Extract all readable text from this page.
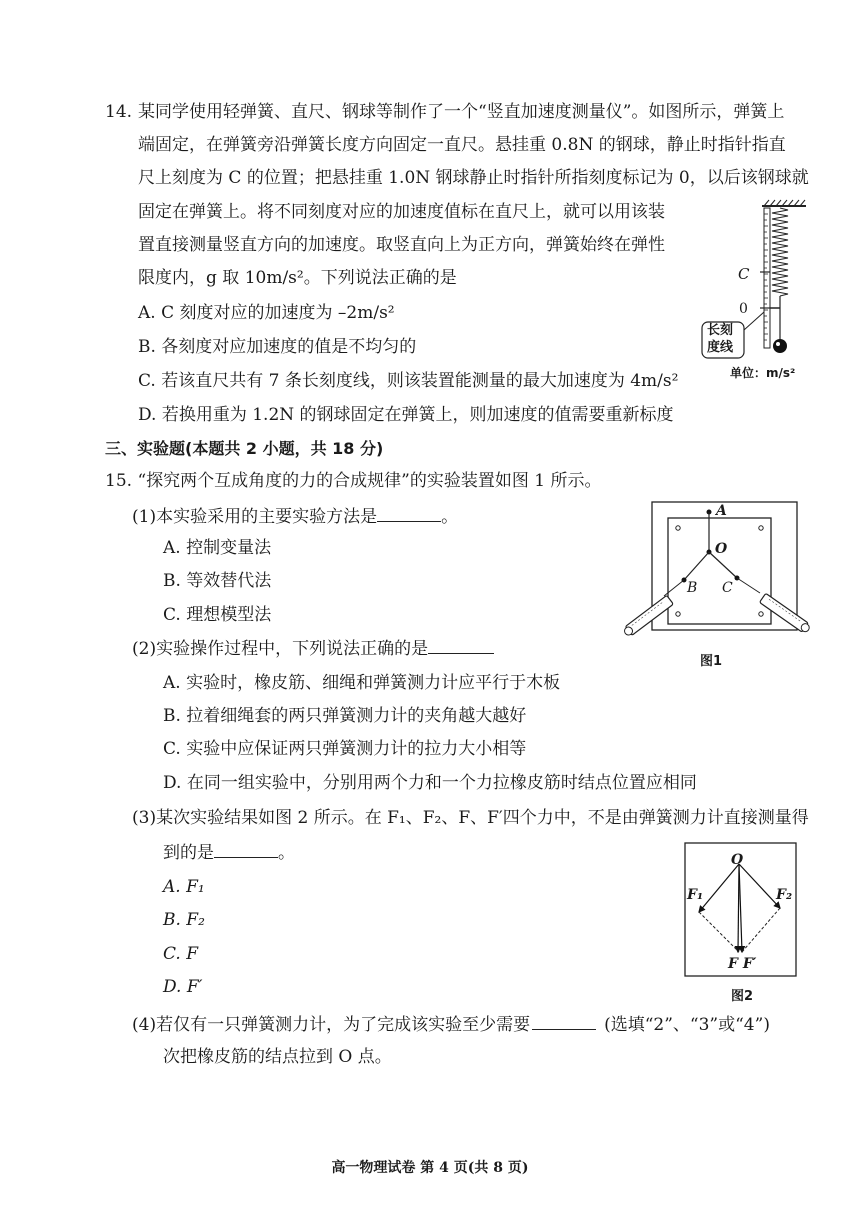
14. 某同学使用轻弹簧、直尺、钢球等制作了一个“竖直加速度测量仪”。如图所示，弹簧上
端固定，在弹簧旁沿弹簧长度方向固定一直尺。悬挂重 0.8N 的钢球，静止时指针指直
尺上刻度为 C 的位置；把悬挂重 1.0N 钢球静止时指针所指刻度标记为 0，以后该钢球就
固定在弹簧上。将不同刻度对应的加速度值标在直尺上，就可以用该装
置直接测量竖直方向的加速度。取竖直向上为正方向，弹簧始终在弹性
限度内，g 取 10m/s²。下列说法正确的是
A. C 刻度对应的加速度为 –2m/s²
B. 各刻度对应加速度的值是不均匀的
C. 若该直尺共有 7 条长刻度线，则该装置能测量的最大加速度为 4m/s²
D. 若换用重为 1.2N 的钢球固定在弹簧上，则加速度的值需要重新标度
C
0
长刻
度线
单位：m/s²
三、实验题(本题共 2 小题，共 18 分)
15. “探究两个互成角度的力的合成规律”的实验装置如图 1 所示。
(1)本实验采用的主要实验方法是	。
A. 控制变量法
B. 等效替代法
C. 理想模型法
A
O
B C
图1
(2)实验操作过程中，下列说法正确的是
A. 实验时，橡皮筋、细绳和弹簧测力计应平行于木板
B. 拉着细绳套的两只弹簧测力计的夹角越大越好
C. 实验中应保证两只弹簧测力计的拉力大小相等
D. 在同一组实验中，分别用两个力和一个力拉橡皮筋时结点位置应相同
(3)某次实验结果如图 2 所示。在 F₁、F₂、F、F′四个力中，不是由弹簧测力计直接测量得
到的是	。
A. F₁
B. F₂
C. F
D. F′
O
F₁	F₂
F F′
图2
(4)若仅有一只弹簧测力计，为了完成该实验至少需要	(选填“2”、“3”或“4”)
次把橡皮筋的结点拉到 O 点。
高一物理试卷 第 4 页(共 8 页)
